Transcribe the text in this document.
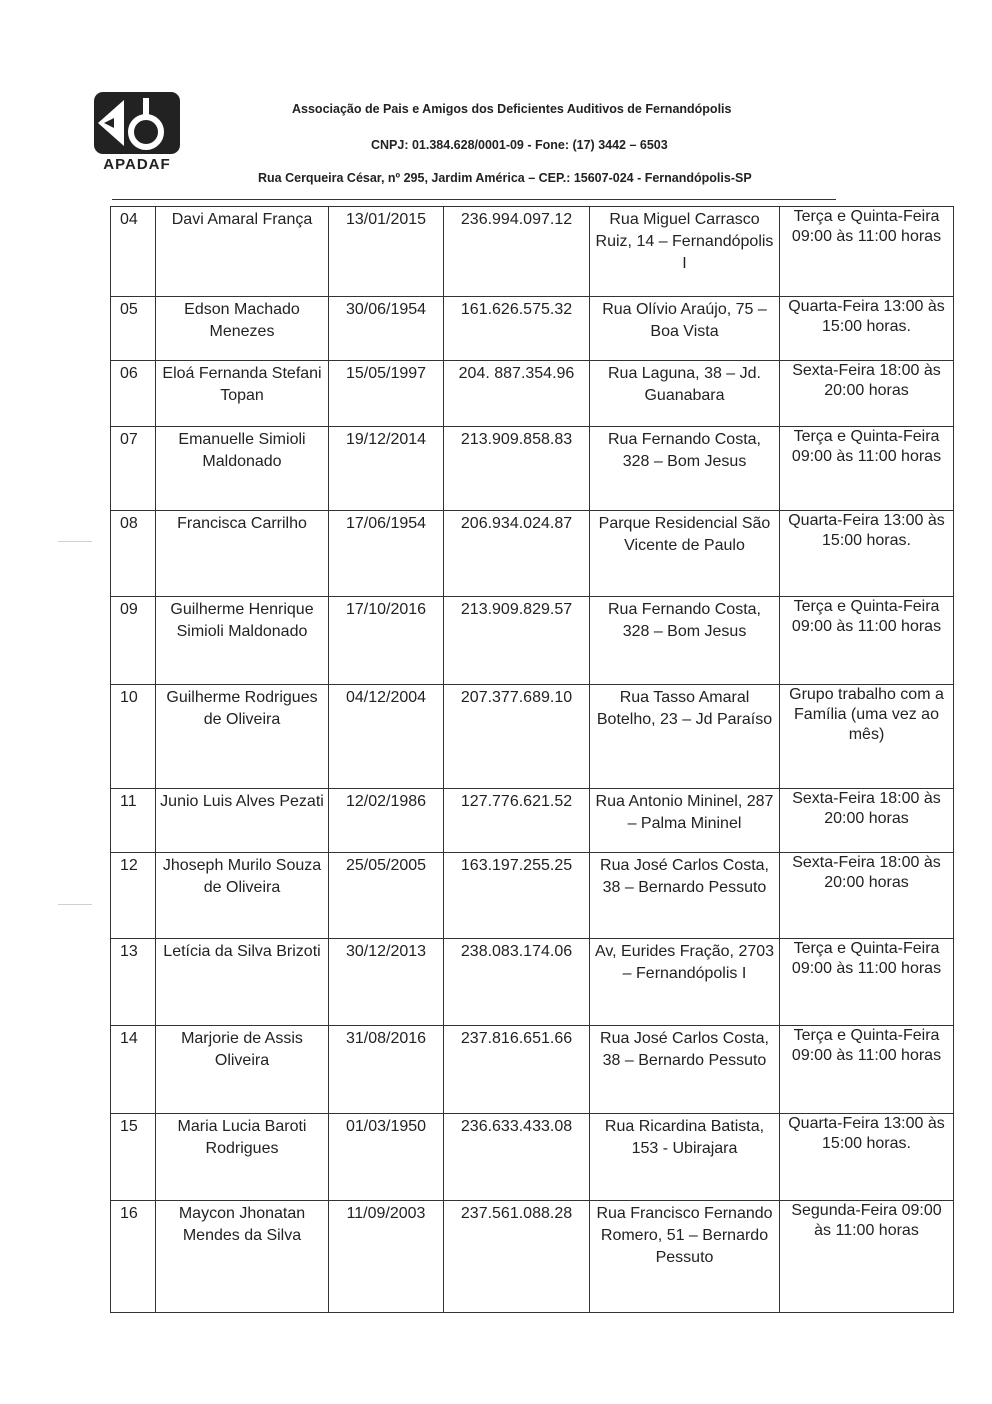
APADAF
Associação de Pais e Amigos dos Deficientes Auditivos de Fernandópolis
CNPJ: 01.384.628/0001-09 - Fone: (17) 3442 – 6503
Rua Cerqueira César, nº 295, Jardim América – CEP.: 15607-024 - Fernandópolis-SP
04	Davi Amaral França	13/01/2015	236.994.097.12	Rua Miguel Carrasco Ruiz, 14 – Fernandópolis I	Terça e Quinta-Feira 09:00 às 11:00 horas
05	Edson Machado Menezes	30/06/1954	161.626.575.32	Rua Olívio Araújo, 75 – Boa Vista	Quarta-Feira 13:00 às 15:00 horas.
06	Eloá Fernanda Stefani Topan	15/05/1997	204. 887.354.96	Rua Laguna, 38 – Jd. Guanabara	Sexta-Feira 18:00 às 20:00 horas
07	Emanuelle Simioli Maldonado	19/12/2014	213.909.858.83	Rua Fernando Costa, 328 – Bom Jesus	Terça e Quinta-Feira 09:00 às 11:00 horas
08	Francisca Carrilho	17/06/1954	206.934.024.87	Parque Residencial São Vicente de Paulo	Quarta-Feira 13:00 às 15:00 horas.
09	Guilherme Henrique Simioli Maldonado	17/10/2016	213.909.829.57	Rua Fernando Costa, 328 – Bom Jesus	Terça e Quinta-Feira 09:00 às 11:00 horas
10	Guilherme Rodrigues de Oliveira	04/12/2004	207.377.689.10	Rua Tasso Amaral Botelho, 23 – Jd Paraíso	Grupo trabalho com a Família (uma vez ao mês)
11	Junio Luis Alves Pezati	12/02/1986	127.776.621.52	Rua Antonio Mininel, 287 – Palma Mininel	Sexta-Feira 18:00 às 20:00 horas
12	Jhoseph Murilo Souza de Oliveira	25/05/2005	163.197.255.25	Rua José Carlos Costa, 38 – Bernardo Pessuto	Sexta-Feira 18:00 às 20:00 horas
13	Letícia da Silva Brizoti	30/12/2013	238.083.174.06	Av, Eurides Fração, 2703 – Fernandópolis I	Terça e Quinta-Feira 09:00 às 11:00 horas
14	Marjorie de Assis Oliveira	31/08/2016	237.816.651.66	Rua José Carlos Costa, 38 – Bernardo Pessuto	Terça e Quinta-Feira 09:00 às 11:00 horas
15	Maria Lucia Baroti Rodrigues	01/03/1950	236.633.433.08	Rua Ricardina Batista, 153 - Ubirajara	Quarta-Feira 13:00 às 15:00 horas.
16	Maycon Jhonatan Mendes da Silva	11/09/2003	237.561.088.28	Rua Francisco Fernando Romero, 51 – Bernardo Pessuto	Segunda-Feira 09:00 às 11:00 horas
